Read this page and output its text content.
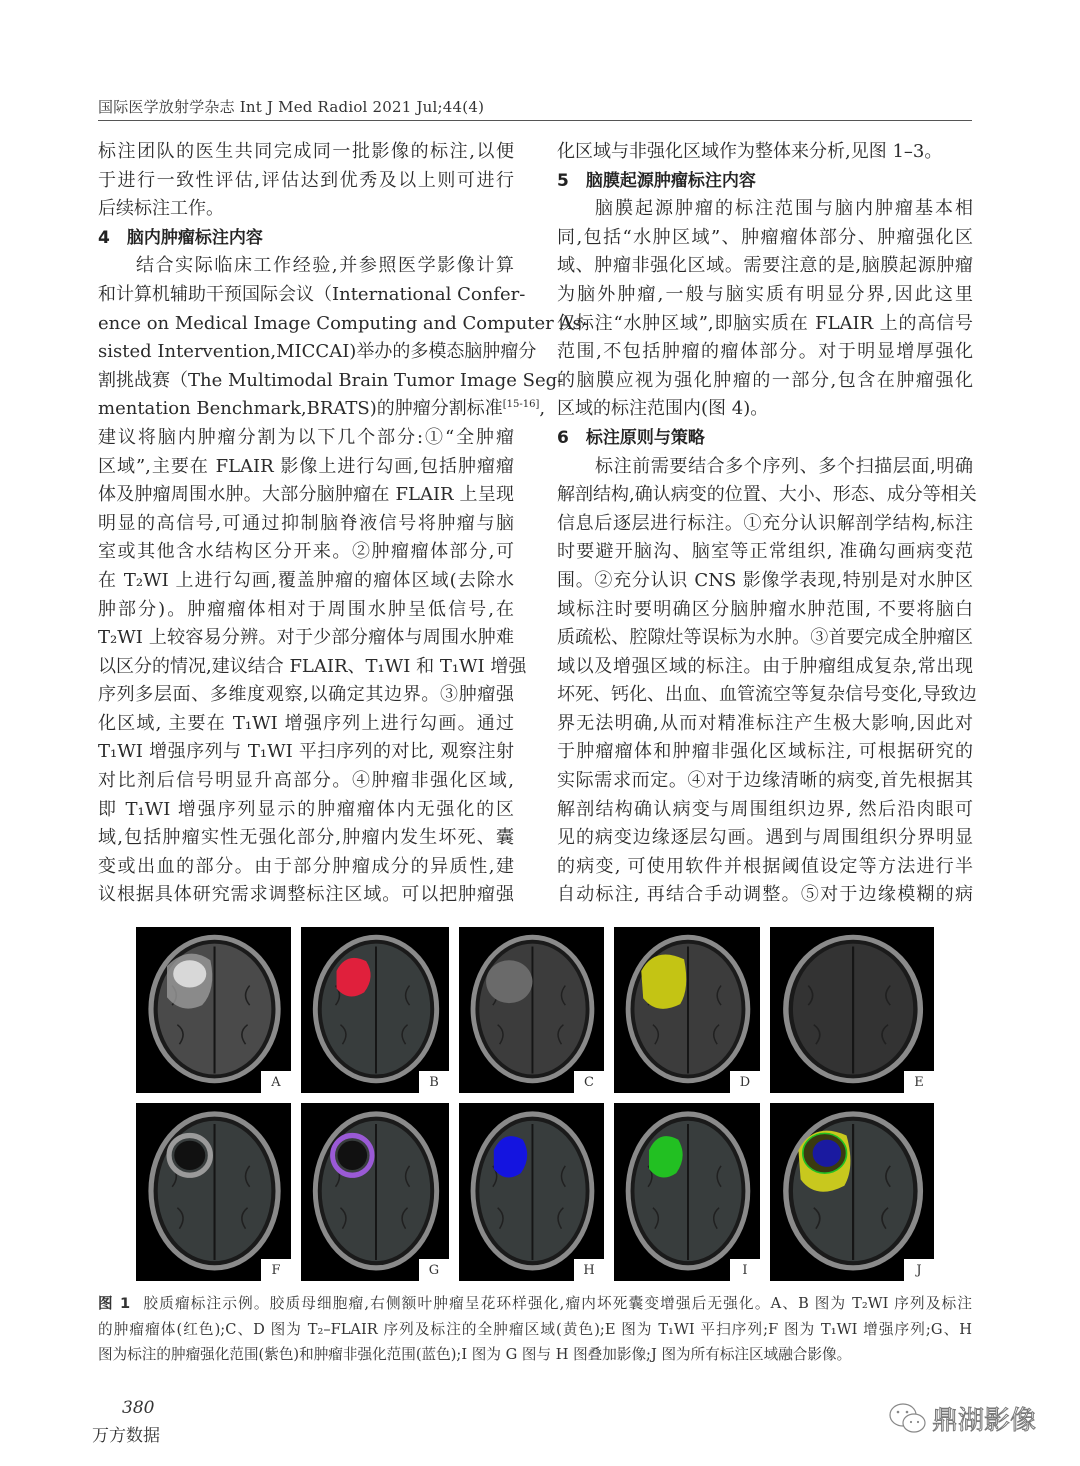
国际医学放射学杂志 Int J Med Radiol 2021 Jul;44(4)
标注团队的医生共同完成同一批影像的标注,以便
于进行一致性评估,评估达到优秀及以上则可进行
后续标注工作。
4　脑内肿瘤标注内容
结合实际临床工作经验,并参照医学影像计算
和计算机辅助干预国际会议（International Confer-
ence on Medical Image Computing and Computer As-
sisted Intervention,MICCAI)举办的多模态脑肿瘤分
割挑战赛（The Multimodal Brain Tumor Image Seg-
mentation Benchmark,BRATS)的肿瘤分割标准[15-16],
建议将脑内肿瘤分割为以下几个部分:①“全肿瘤
区域”,主要在 FLAIR 影像上进行勾画,包括肿瘤瘤
体及肿瘤周围水肿。大部分脑肿瘤在 FLAIR 上呈现
明显的高信号,可通过抑制脑脊液信号将肿瘤与脑
室或其他含水结构区分开来。②肿瘤瘤体部分,可
在 T₂WI 上进行勾画,覆盖肿瘤的瘤体区域(去除水
肿部分)。肿瘤瘤体相对于周围水肿呈低信号,在
T₂WI 上较容易分辨。对于少部分瘤体与周围水肿难
以区分的情况,建议结合 FLAIR、T₁WI 和 T₁WI 增强
序列多层面、多维度观察,以确定其边界。③肿瘤强
化区域, 主要在 T₁WI 增强序列上进行勾画。通过
T₁WI 增强序列与 T₁WI 平扫序列的对比, 观察注射
对比剂后信号明显升高部分。④肿瘤非强化区域,
即 T₁WI 增强序列显示的肿瘤瘤体内无强化的区
域,包括肿瘤实性无强化部分,肿瘤内发生坏死、囊
变或出血的部分。由于部分肿瘤成分的异质性,建
议根据具体研究需求调整标注区域。可以把肿瘤强
化区域与非强化区域作为整体来分析,见图 1–3。
5　脑膜起源肿瘤标注内容
脑膜起源肿瘤的标注范围与脑内肿瘤基本相
同,包括“水肿区域”、肿瘤瘤体部分、肿瘤强化区
域、肿瘤非强化区域。需要注意的是,脑膜起源肿瘤
为脑外肿瘤,一般与脑实质有明显分界,因此这里
仅标注“水肿区域”,即脑实质在 FLAIR 上的高信号
范围,不包括肿瘤的瘤体部分。对于明显增厚强化
的脑膜应视为强化肿瘤的一部分,包含在肿瘤强化
区域的标注范围内(图 4)。
6　标注原则与策略
标注前需要结合多个序列、多个扫描层面,明确
解剖结构,确认病变的位置、大小、形态、成分等相关
信息后逐层进行标注。①充分认识解剖学结构,标注
时要避开脑沟、脑室等正常组织, 准确勾画病变范
围。②充分认识 CNS 影像学表现,特别是对水肿区
域标注时要明确区分脑肿瘤水肿范围, 不要将脑白
质疏松、腔隙灶等误标为水肿。③首要完成全肿瘤区
域以及增强区域的标注。由于肿瘤组成复杂,常出现
坏死、钙化、出血、血管流空等复杂信号变化,导致边
界无法明确,从而对精准标注产生极大影响,因此对
于肿瘤瘤体和肿瘤非强化区域标注, 可根据研究的
实际需求而定。④对于边缘清晰的病变,首先根据其
解剖结构确认病变与周围组织边界, 然后沿肉眼可
见的病变边缘逐层勾画。遇到与周围组织分界明显
的病变, 可使用软件并根据阈值设定等方法进行半
自动标注, 再结合手动调整。⑤对于边缘模糊的病
A	B	C	D	E
F	G	H	I	J
图 1 胶质瘤标注示例。胶质母细胞瘤,右侧额叶肿瘤呈花环样强化,瘤内坏死囊变增强后无强化。A、B 图为 T₂WI 序列及标注
的肿瘤瘤体(红色);C、D 图为 T₂–FLAIR 序列及标注的全肿瘤区域(黄色);E 图为 T₁WI 平扫序列;F 图为 T₁WI 增强序列;G、H
图为标注的肿瘤强化范围(紫色)和肿瘤非强化范围(蓝色);I 图为 G 图与 H 图叠加影像;J 图为所有标注区域融合影像。
380
万方数据	鼎湖影像
